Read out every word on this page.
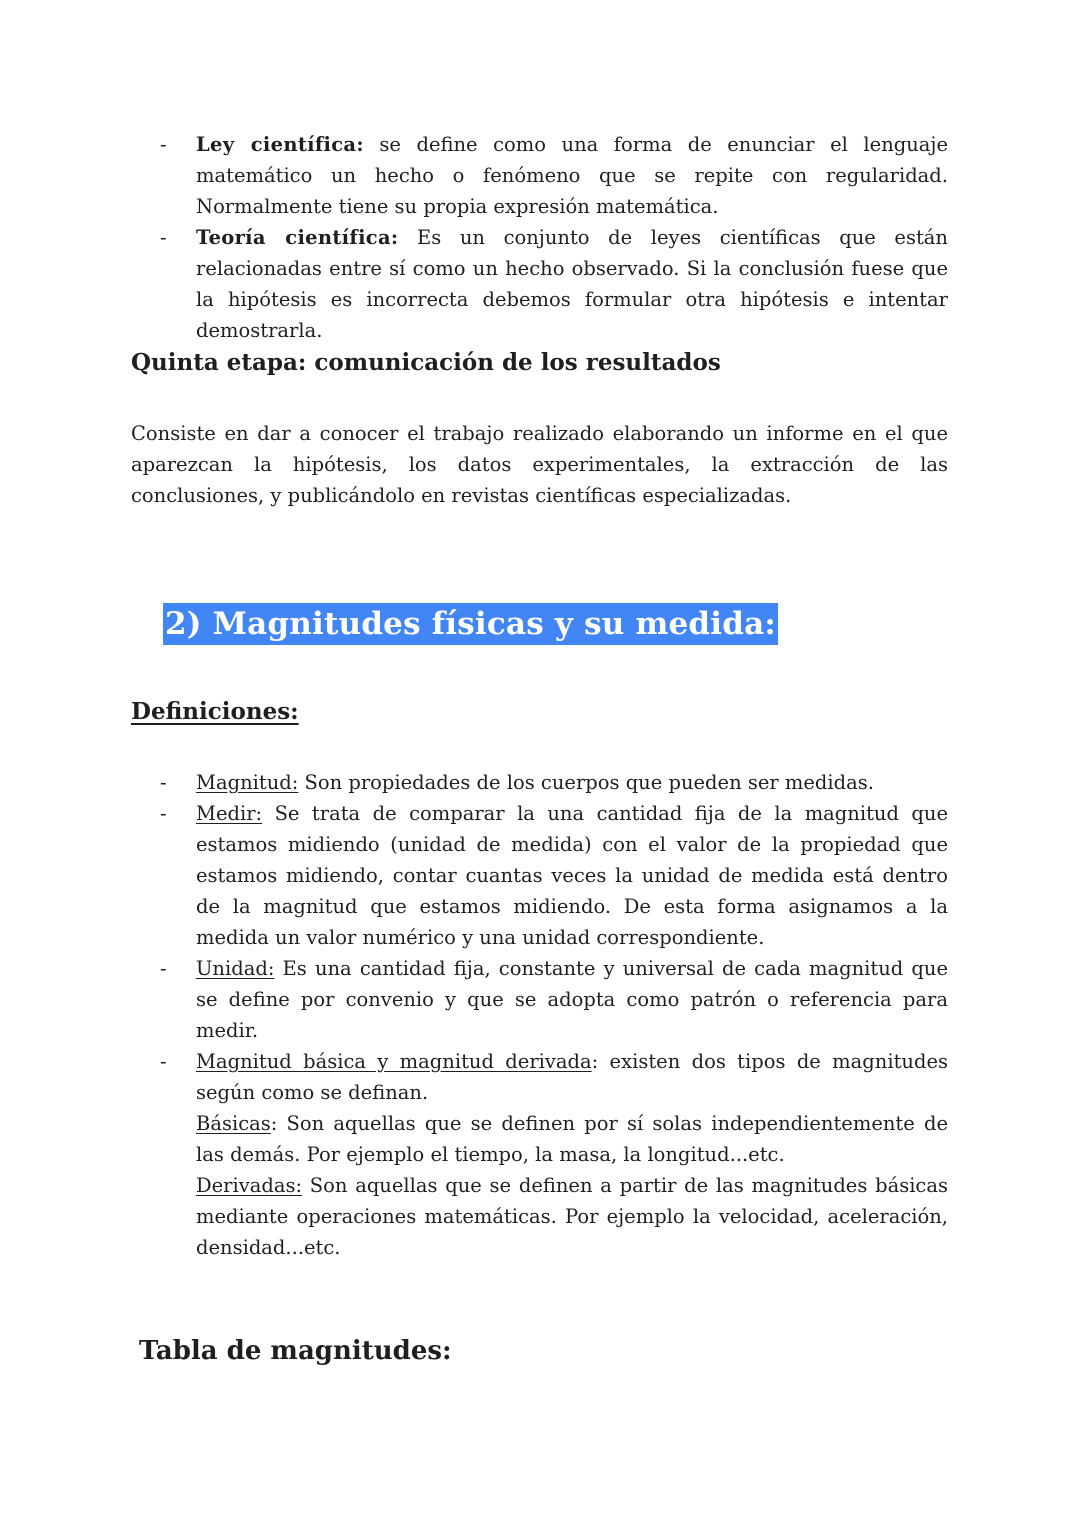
-	Ley científica: se define como una forma de enunciar el lenguaje matemático un hecho o fenómeno que se repite con regularidad. Normalmente tiene su propia expresión matemática.

-	Teoría científica: Es un conjunto de leyes científicas que están relacionadas entre sí como un hecho observado. Si la conclusión fuese que la hipótesis es incorrecta debemos formular otra hipótesis e intentar demostrarla.

Quinta etapa: comunicación de los resultados

Consiste en dar a conocer el trabajo realizado elaborando un informe en el que aparezcan la hipótesis, los datos experimentales, la extracción de las conclusiones, y publicándolo en revistas científicas especializadas.

2) Magnitudes físicas y su medida:
Definiciones:
-	Magnitud: Son propiedades de los cuerpos que pueden ser medidas.

-	Medir: Se trata de comparar la una cantidad fija de la magnitud que estamos midiendo (unidad de medida) con el valor de la propiedad que estamos midiendo, contar cuantas veces la unidad de medida está dentro de la magnitud que estamos midiendo. De esta forma asignamos a la medida un valor numérico y una unidad correspondiente.

-	Unidad: Es una cantidad fija, constante y universal de cada magnitud que se define por convenio y que se adopta como patrón o referencia para medir.

-	Magnitud básica y magnitud derivada: existen dos tipos de magnitudes según como se definan.

Básicas: Son aquellas que se definen por sí solas independientemente de las demás. Por ejemplo el tiempo, la masa, la longitud...etc.

Derivadas: Son aquellas que se definen a partir de las magnitudes básicas mediante operaciones matemáticas. Por ejemplo la velocidad, aceleración, densidad...etc.

Tabla de magnitudes:
